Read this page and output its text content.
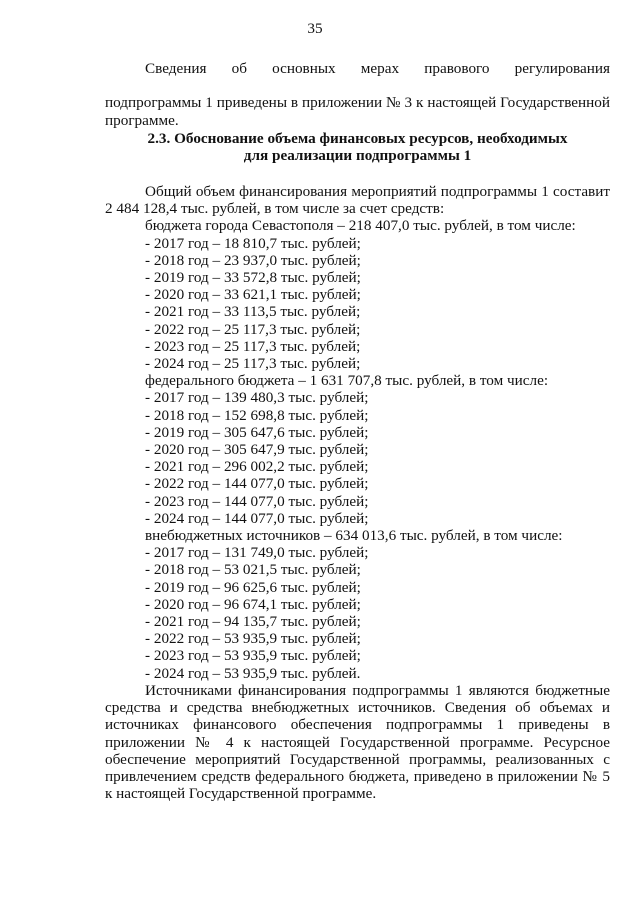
35
Сведения об основных мерах правового регулирования
подпрограммы 1 приведены в приложении № 3 к настоящей Государственной программе.
2.3. Обоснование объема финансовых ресурсов, необходимых
для реализации подпрограммы 1
Общий объем финансирования мероприятий подпрограммы 1 составит 2 484 128,4 тыс. рублей, в том числе за счет средств:
бюджета города Севастополя – 218 407,0 тыс. рублей, в том числе:
- 2017 год – 18 810,7 тыс. рублей;
- 2018 год – 23 937,0 тыс. рублей;
- 2019 год – 33 572,8 тыс. рублей;
- 2020 год – 33 621,1 тыс. рублей;
- 2021 год – 33 113,5 тыс. рублей;
- 2022 год – 25 117,3 тыс. рублей;
- 2023 год – 25 117,3 тыс. рублей;
- 2024 год – 25 117,3 тыс. рублей;
федерального бюджета – 1 631 707,8 тыс. рублей, в том числе:
- 2017 год – 139 480,3 тыс. рублей;
- 2018 год – 152 698,8 тыс. рублей;
- 2019 год – 305 647,6 тыс. рублей;
- 2020 год – 305 647,9 тыс. рублей;
- 2021 год – 296 002,2 тыс. рублей;
- 2022 год – 144 077,0 тыс. рублей;
- 2023 год – 144 077,0 тыс. рублей;
- 2024 год – 144 077,0 тыс. рублей;
внебюджетных источников – 634 013,6 тыс. рублей, в том числе:
- 2017 год – 131 749,0 тыс. рублей;
- 2018 год – 53 021,5 тыс. рублей;
- 2019 год – 96 625,6 тыс. рублей;
- 2020 год – 96 674,1 тыс. рублей;
- 2021 год – 94 135,7 тыс. рублей;
- 2022 год – 53 935,9 тыс. рублей;
- 2023 год – 53 935,9 тыс. рублей;
- 2024 год – 53 935,9 тыс. рублей.
Источниками финансирования подпрограммы 1 являются бюджетные средства и средства внебюджетных источников. Сведения об объемах и источниках финансового обеспечения подпрограммы 1 приведены в приложении № 4 к настоящей Государственной программе. Ресурсное обеспечение мероприятий Государственной программы, реализованных с привлечением средств федерального бюджета, приведено в приложении № 5 к настоящей Государственной программе.
